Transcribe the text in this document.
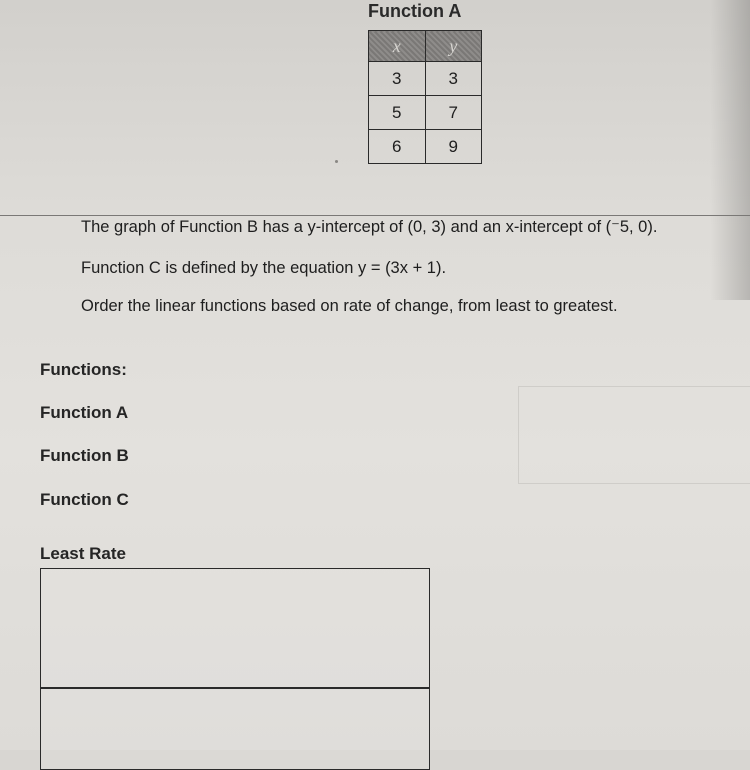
Function A
x	y
3	3
5	7
6	9
The graph of Function B has a y-intercept of (0, 3) and an x-intercept of (⁻5, 0).
Function C is defined by the equation y = (3x + 1).
Order the linear functions based on rate of change, from least to greatest.
Functions:
Function A
Function B
Function C
Least Rate
